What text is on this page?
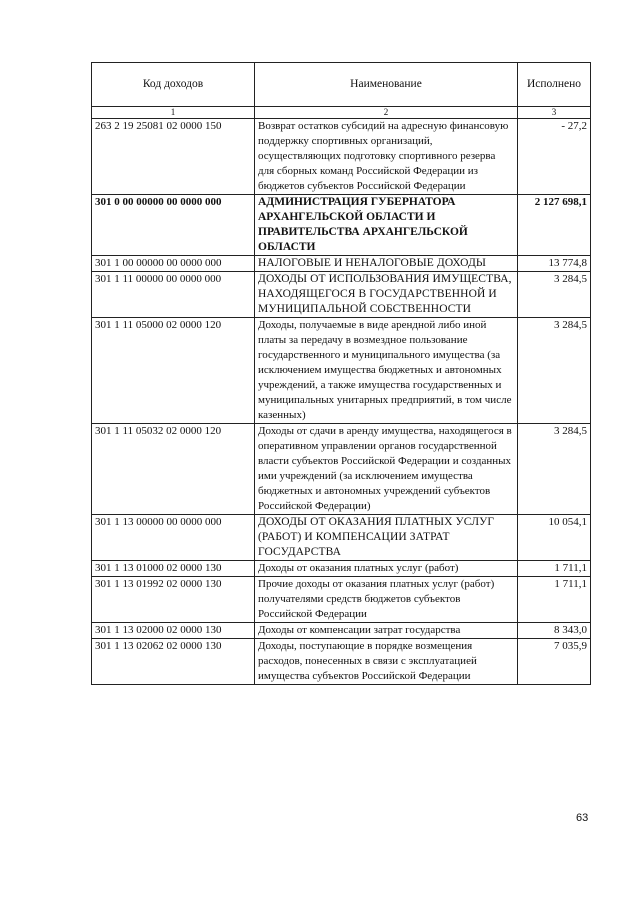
Код доходов	Наименование	Исполнено
1	2	3
263 2 19 25081 02 0000 150	Возврат остатков субсидий на адресную финансовую поддержку спортивных организаций, осуществляющих подготовку спортивного резерва для сборных команд Российской Федерации из бюджетов субъектов Российской Федерации	- 27,2
301 0 00 00000 00 0000 000	АДМИНИСТРАЦИЯ ГУБЕРНАТОРА АРХАНГЕЛЬСКОЙ ОБЛАСТИ И ПРАВИТЕЛЬСТВА АРХАНГЕЛЬСКОЙ ОБЛАСТИ	2 127 698,1
301 1 00 00000 00 0000 000	НАЛОГОВЫЕ И НЕНАЛОГОВЫЕ ДОХОДЫ	13 774,8
301 1 11 00000 00 0000 000	ДОХОДЫ ОТ ИСПОЛЬЗОВАНИЯ ИМУЩЕСТВА, НАХОДЯЩЕГОСЯ В ГОСУДАРСТВЕННОЙ И МУНИЦИПАЛЬНОЙ СОБСТВЕННОСТИ	3 284,5
301 1 11 05000 02 0000 120	Доходы, получаемые в виде арендной либо иной платы за передачу в возмездное пользование государственного и муниципального имущества (за исключением имущества бюджетных и автономных учреждений, а также имущества государственных и муниципальных унитарных предприятий, в том числе казенных)	3 284,5
301 1 11 05032 02 0000 120	Доходы от сдачи в аренду имущества, находящегося в оперативном управлении органов государственной власти субъектов Российской Федерации и созданных ими учреждений (за исключением имущества бюджетных и автономных учреждений субъектов Российской Федерации)	3 284,5
301 1 13 00000 00 0000 000	ДОХОДЫ ОТ ОКАЗАНИЯ ПЛАТНЫХ УСЛУГ (РАБОТ) И КОМПЕНСАЦИИ ЗАТРАТ ГОСУДАРСТВА	10 054,1
301 1 13 01000 02 0000 130	Доходы от оказания платных услуг (работ)	1 711,1
301 1 13 01992 02 0000 130	Прочие доходы от оказания платных услуг (работ) получателями средств бюджетов субъектов Российской Федерации	1 711,1
301 1 13 02000 02 0000 130	Доходы от компенсации затрат государства	8 343,0
301 1 13 02062 02 0000 130	Доходы, поступающие в порядке возмещения расходов, понесенных в связи с эксплуатацией имущества субъектов Российской Федерации	7 035,9
63
